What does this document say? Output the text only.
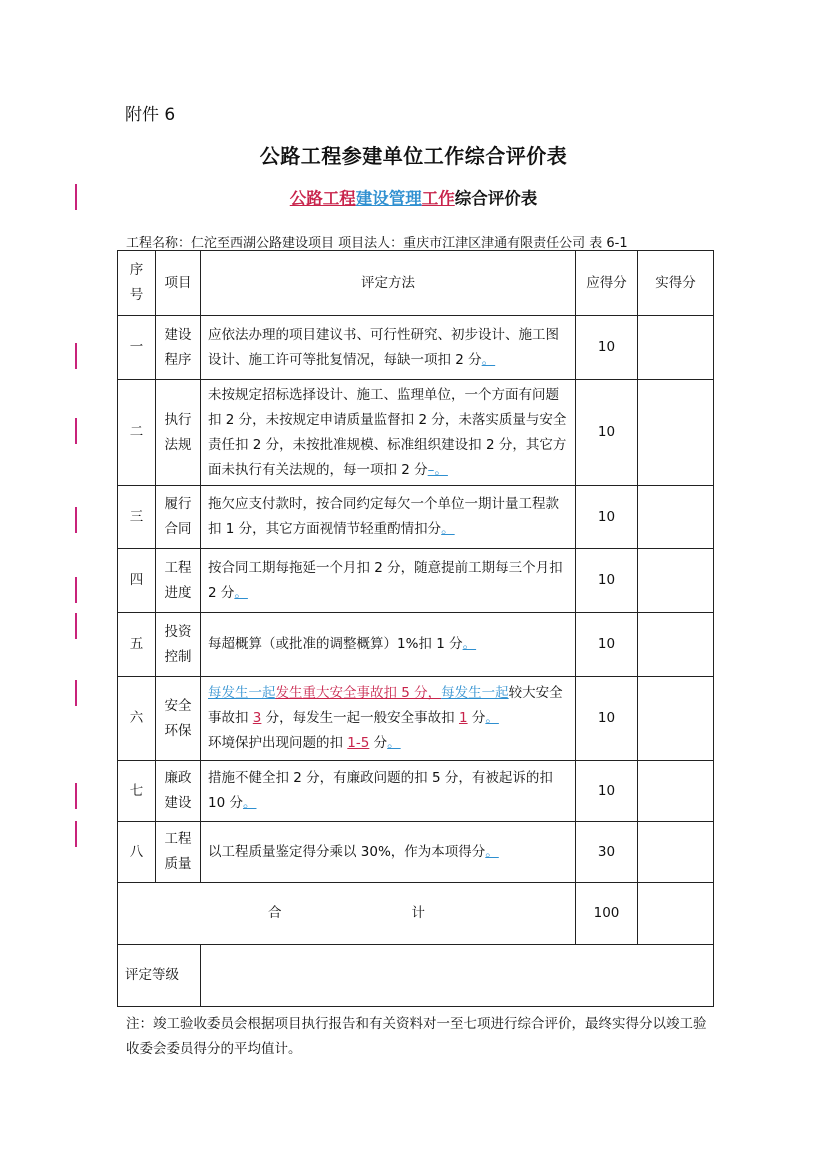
附件 6
公路工程参建单位工作综合评价表
公路工程建设管理工作综合评价表
工程名称：仁沱至西湖公路建设项目 项目法人：重庆市江津区津通有限责任公司 表 6-1
序号	项目	评定方法	应得分	实得分
一	建设程序	应依法办理的项目建议书、可行性研究、初步设计、施工图设计、施工许可等批复情况，每缺一项扣 2 分。	10	
二	执行法规	未按规定招标选择设计、施工、监理单位，一个方面有问题扣 2 分，未按规定申请质量监督扣 2 分，未落实质量与安全责任扣 2 分，未按批准规模、标准组织建设扣 2 分，其它方面未执行有关法规的，每一项扣 2 分–。	10	
三	履行合同	拖欠应支付款时，按合同约定每欠一个单位一期计量工程款扣 1 分，其它方面视情节轻重酌情扣分。	10	
四	工程进度	按合同工期每拖延一个月扣 2 分，随意提前工期每三个月扣 2 分。	10	
五	投资控制	每超概算（或批准的调整概算）1%扣 1 分。	10	
六	安全环保	每发生一起发生重大安全事故扣 5 分，每发生一起较大安全事故扣 3 分，每发生一起一般安全事故扣 1 分。
环境保护出现问题的扣 1-5 分。	10	
七	廉政建设	措施不健全扣 2 分，有廉政问题的扣 5 分，有被起诉的扣 10 分。	10	
八	工程质量	以工程质量鉴定得分乘以 30%，作为本项得分。	30	

合 计			100	
评定等级				
注：竣工验收委员会根据项目执行报告和有关资料对一至七项进行综合评价，最终实得分以竣工验收委会委员得分的平均值计。
